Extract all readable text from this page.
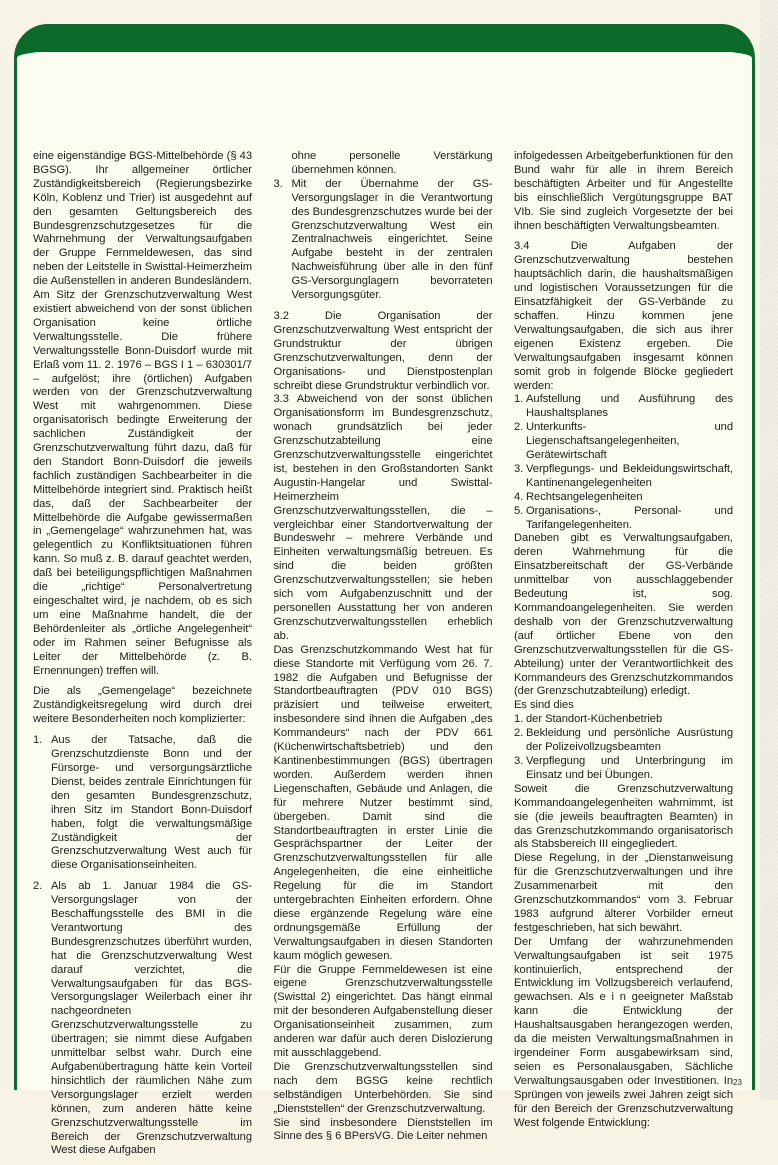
eine eigenständige BGS-Mittelbehörde (§ 43 BGSG). Ihr allgemeiner örtlicher Zuständigkeitsbereich (Regierungsbezirke Köln, Koblenz und Trier) ist ausgedehnt auf den gesamten Geltungsbereich des Bundesgrenzschutzgesetzes für die Wahrnehmung der Verwaltungsaufgaben der Gruppe Fernmeldewesen, das sind neben der Leitstelle in Swisttal-Heimerzheim die Außenstellen in anderen Bundesländern. Am Sitz der Grenzschutzverwaltung West existiert abweichend von der sonst üblichen Organisation keine örtliche Verwaltungsstelle. Die frühere Verwaltungsstelle Bonn-Duisdorf wurde mit Erlaß vom 11. 2. 1976 – BGS I 1 – 630301/7 – aufgelöst; ihre (örtlichen) Aufgaben werden von der Grenzschutzverwaltung West mit wahrgenommen. Diese organisatorisch bedingte Erweiterung der sachlichen Zuständigkeit der Grenzschutzverwaltung führt dazu, daß für den Standort Bonn-Duisdorf die jeweils fachlich zuständigen Sachbearbeiter in die Mittelbehörde integriert sind. Praktisch heißt das, daß der Sachbearbeiter der Mittelbehörde die Aufgabe gewissermaßen in „Gemengelage“ wahrzunehmen hat, was gelegentlich zu Konfliktsituationen führen kann. So muß z. B. darauf geachtet werden, daß bei beteiligungspflichtigen Maßnahmen die „richtige“ Personalvertretung eingeschaltet wird, je nachdem, ob es sich um eine Maßnahme handelt, die der Behördenleiter als „örtliche Angelegenheit“ oder im Rahmen seiner Befugnisse als Leiter der Mittelbehörde (z. B. Ernennungen) treffen will.

Die als „Gemengelage“ bezeichnete Zuständigkeitsregelung wird durch drei weitere Besonderheiten noch komplizierter:

1. Aus der Tatsache, daß die Grenzschutzdienste Bonn und der Fürsorge- und versorgungsärztliche Dienst, beides zentrale Einrichtungen für den gesamten Bundesgrenzschutz, ihren Sitz im Standort Bonn-Duisdorf haben, folgt die verwaltungsmäßige Zuständigkeit der Grenzschutzverwaltung West auch für diese Organisationseinheiten.
2. Als ab 1. Januar 1984 die GS-Versorgungslager von der Beschaffungsstelle des BMI in die Verantwortung des Bundesgrenzschutzes überführt wurden, hat die Grenzschutzverwaltung West darauf verzichtet, die Verwaltungsaufgaben für das BGS-Versorgungslager Weilerbach einer ihr nachgeordneten Grenzschutzverwaltungsstelle zu übertragen; sie nimmt diese Aufgaben unmittelbar selbst wahr. Durch eine Aufgabenübertragung hätte kein Vorteil hinsichtlich der räumlichen Nähe zum Versorgungslager erzielt werden können, zum anderen hätte keine Grenzschutzverwaltungsstelle im Bereich der Grenzschutzverwaltung West diese Aufgaben

ohne personelle Verstärkung übernehmen können.

3. Mit der Übernahme der GS-Versorgungslager in die Verantwortung des Bundesgrenzschutzes wurde bei der Grenzschutzverwaltung West ein Zentralnachweis eingerichtet. Seine Aufgabe besteht in der zentralen Nachweisführung über alle in den fünf GS-Versorgunglagern bevorrateten Versorgungsgüter.

3.2 Die Organisation der Grenzschutzverwaltung West entspricht der Grundstruktur der übrigen Grenzschutzverwaltungen, denn der Organisations- und Dienstpostenplan schreibt diese Grundstruktur verbindlich vor.

3.3 Abweichend von der sonst üblichen Organisationsform im Bundesgrenzschutz, wonach grundsätzlich bei jeder Grenzschutzabteilung eine Grenzschutzverwaltungsstelle eingerichtet ist, bestehen in den Großstandorten Sankt Augustin-Hangelar und Swisttal-Heimerzheim Grenzschutzverwaltungsstellen, die – vergleichbar einer Standortverwaltung der Bundeswehr – mehrere Verbände und Einheiten verwaltungsmäßig betreuen. Es sind die beiden größten Grenzschutzverwaltungsstellen; sie heben sich vom Aufgabenzuschnitt und der personellen Ausstattung her von anderen Grenzschutzverwaltungsstellen erheblich ab.

Das Grenzschutzkommando West hat für diese Standorte mit Verfügung vom 26. 7. 1982 die Aufgaben und Befugnisse der Standortbeauftragten (PDV 010 BGS) präzisiert und teilweise erweitert, insbesondere sind ihnen die Aufgaben „des Kommandeurs“ nach der PDV 661 (Küchenwirtschaftsbetrieb) und den Kantinenbestimmungen (BGS) übertragen worden. Außerdem werden ihnen Liegenschaften, Gebäude und Anlagen, die für mehrere Nutzer bestimmt sind, übergeben. Damit sind die Standortbeauftragten in erster Linie die Gesprächspartner der Leiter der Grenzschutzverwaltungsstellen für alle Angelegenheiten, die eine einheitliche Regelung für die im Standort untergebrachten Einheiten erfordern. Ohne diese ergänzende Regelung wäre eine ordnungsgemäße Erfüllung der Verwaltungsaufgaben in diesen Standorten kaum möglich gewesen.

Für die Gruppe Fernmeldewesen ist eine eigene Grenzschutzverwaltungsstelle (Swisttal 2) eingerichtet. Das hängt einmal mit der besonderen Aufgabenstellung dieser Organisationseinheit zusammen, zum anderen war dafür auch deren Dislozierung mit ausschlaggebend.

Die Grenzschutzverwaltungsstellen sind nach dem BGSG keine rechtlich selbständigen Unterbehörden. Sie sind „Dienststellen“ der Grenzschutzverwaltung.

Sie sind insbesondere Dienststellen im Sinne des § 6 BPersVG. Die Leiter nehmen

infolgedessen Arbeitgeberfunktionen für den Bund wahr für alle in ihrem Bereich beschäftigten Arbeiter und für Angestellte bis einschließlich Vergütungsgruppe BAT VIb. Sie sind zugleich Vorgesetzte der bei ihnen beschäftigten Verwaltungsbeamten.

3.4 Die Aufgaben der Grenzschutzverwaltung bestehen hauptsächlich darin, die haushaltsmäßigen und logistischen Voraussetzungen für die Einsatzfähigkeit der GS-Verbände zu schaffen. Hinzu kommen jene Verwaltungsaufgaben, die sich aus ihrer eigenen Existenz ergeben. Die Verwaltungsaufgaben insgesamt können somit grob in folgende Blöcke gegliedert werden:

1. Aufstellung und Ausführung des Haushaltsplanes
2. Unterkunfts- und Liegenschaftsangelegenheiten, Gerätewirtschaft
3. Verpflegungs- und Bekleidungswirtschaft, Kantinenangelegenheiten
4. Rechtsangelegenheiten
5. Organisations-, Personal- und Tarifangelegenheiten.

Daneben gibt es Verwaltungsaufgaben, deren Wahrnehmung für die Einsatzbereitschaft der GS-Verbände unmittelbar von ausschlaggebender Bedeutung ist, sog. Kommandoangelegenheiten. Sie werden deshalb von der Grenzschutzverwaltung (auf örtlicher Ebene von den Grenzschutzverwaltungsstellen für die GS-Abteilung) unter der Verantwortlichkeit des Kommandeurs des Grenzschutzkommandos (der Grenzschutzabteilung) erledigt.

Es sind dies

1. der Standort-Küchenbetrieb
2. Bekleidung und persönliche Ausrüstung der Polizeivollzugsbeamten
3. Verpflegung und Unterbringung im Einsatz und bei Übungen.

Soweit die Grenzschutzverwaltung Kommandoangelegenheiten wahrnimmt, ist sie (die jeweils beauftragten Beamten) in das Grenzschutzkommando organisatorisch als Stabsbereich III eingegliedert.

Diese Regelung, in der „Dienstanweisung für die Grenzschutzverwaltungen und ihre Zusammenarbeit mit den Grenzschutzkommandos“ vom 3. Februar 1983 aufgrund älterer Vorbilder erneut festgeschrieben, hat sich bewährt.

Der Umfang der wahrzunehmenden Verwaltungsaufgaben ist seit 1975 kontinuierlich, entsprechend der Entwicklung im Vollzugsbereich verlaufend, gewachsen. Als e i n geeigneter Maßstab kann die Entwicklung der Haushaltsausgaben herangezogen werden, da die meisten Verwaltungsmaßnahmen in irgendeiner Form ausgabewirksam sind, seien es Personalausgaben, Sächliche Verwaltungsausgaben oder Investitionen. In Sprüngen von jeweils zwei Jahren zeigt sich für den Bereich der Grenzschutzverwaltung West folgende Entwicklung:

23
